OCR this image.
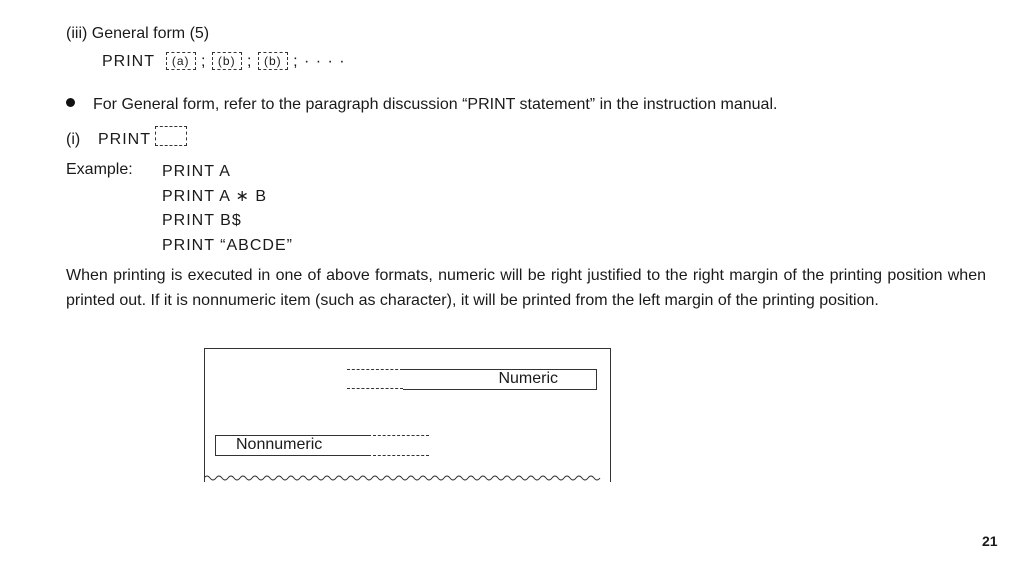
(iii) General form (5)
PRINT (a) ; (b) ; (b) ; · · · ·
For General form, refer to the paragraph discussion “PRINT statement” in the instruction manual.
(i) PRINT
Example: PRINT A
PRINT A ∗ B
PRINT B$
PRINT “ABCDE”
When printing is executed in one of above formats, numeric will be right justified to the right margin of the printing position when printed out. If it is nonnumeric item (such as character), it will be printed from the left margin of the printing position.
Numeric
Nonnumeric
21
